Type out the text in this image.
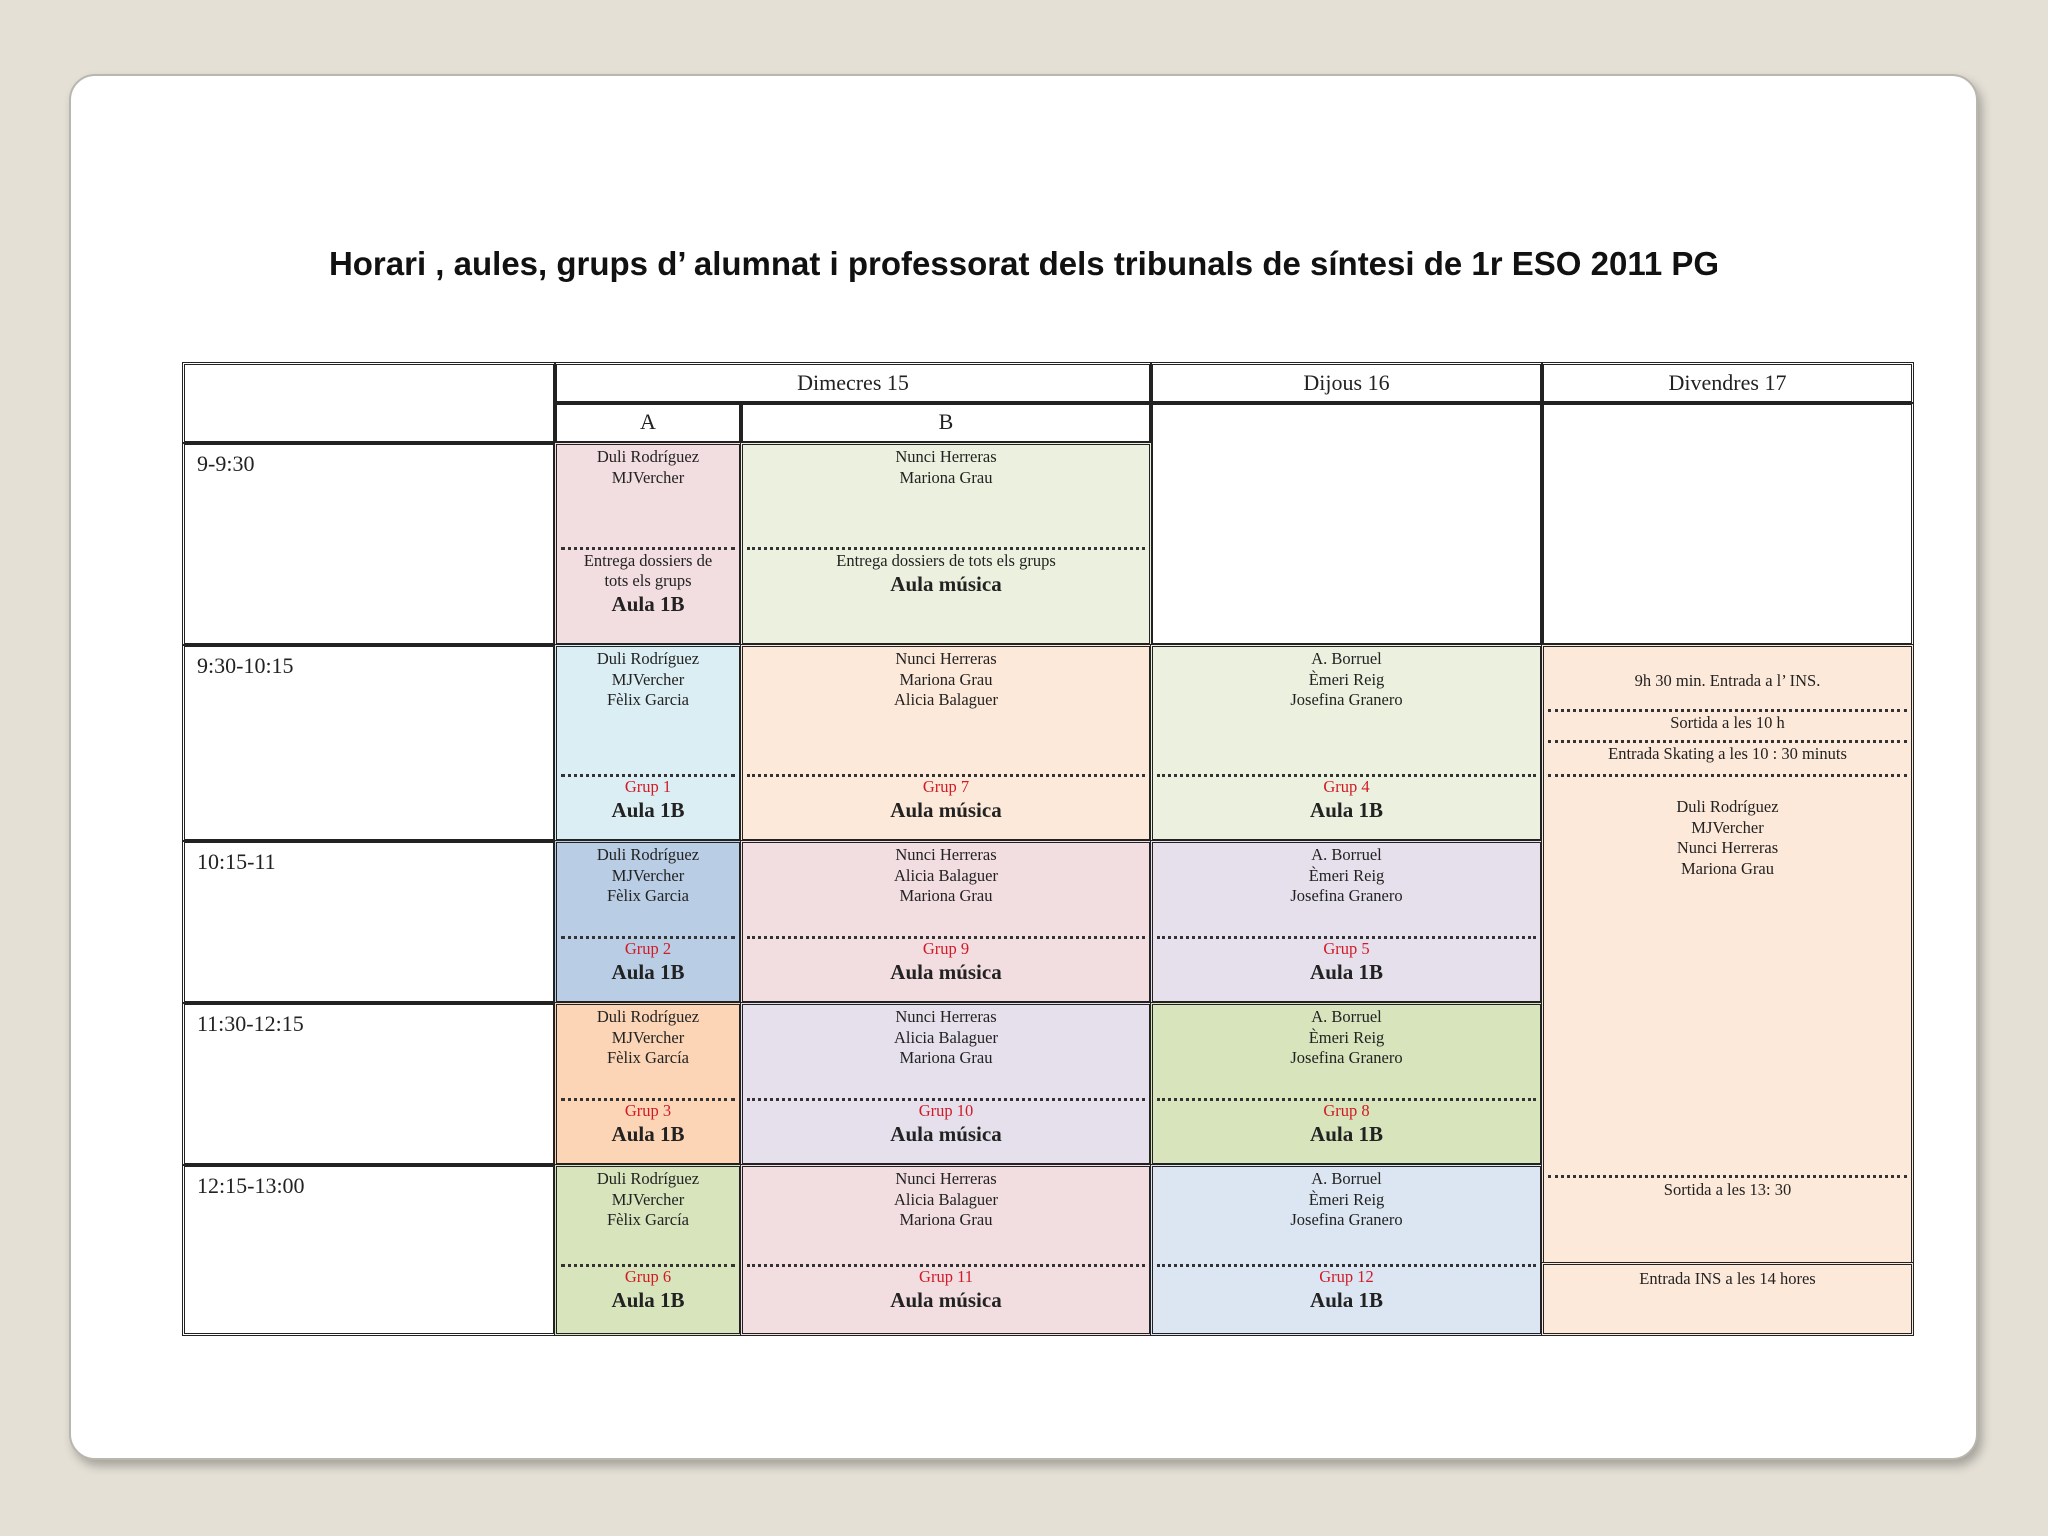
Horari , aules, grups d’ alumnat i professorat dels tribunals de síntesi de 1r ESO 2011 PG
Dimecres 15
A	B
Dijous 16	Divendres 17
9-9:30
9:30-10:15
10:15-11
11:30-12:15
12:15-13:00
Duli Rodríguez
MJVercher
Entrega dossiers de
tots els grups
Aula 1B
Duli Rodríguez
MJVercher
Fèlix Garcia
Grup 1
Aula 1B
Duli Rodríguez
MJVercher
Fèlix Garcia
Grup 2
Aula 1B
Duli Rodríguez
MJVercher
Fèlix García
Grup 3
Aula 1B
Duli Rodríguez
MJVercher
Fèlix García
Grup 6
Aula 1B
Nunci Herreras
Mariona Grau
Entrega dossiers de tots els grups
Aula música
Nunci Herreras
Mariona Grau
Alicia Balaguer
Grup 7
Aula música
Nunci Herreras
Alicia Balaguer
Mariona Grau
Grup 9
Aula música
Nunci Herreras
Alicia Balaguer
Mariona Grau
Grup 10
Aula música
Nunci Herreras
Alicia Balaguer
Mariona Grau
Grup 11
Aula música
A. Borruel
Èmeri Reig
Josefina Granero
Grup 4
Aula 1B
A. Borruel
Èmeri Reig
Josefina Granero
Grup 5
Aula 1B
A. Borruel
Èmeri Reig
Josefina Granero
Grup 8
Aula 1B
A. Borruel
Èmeri Reig
Josefina Granero
Grup 12
Aula 1B
9h 30 min. Entrada a l’ INS.
Sortida a les 10 h
Entrada Skating a les 10 : 30 minuts
Duli Rodríguez
MJVercher
Nunci Herreras
Mariona Grau
Sortida a les 13: 30
Entrada INS a les 14 hores
